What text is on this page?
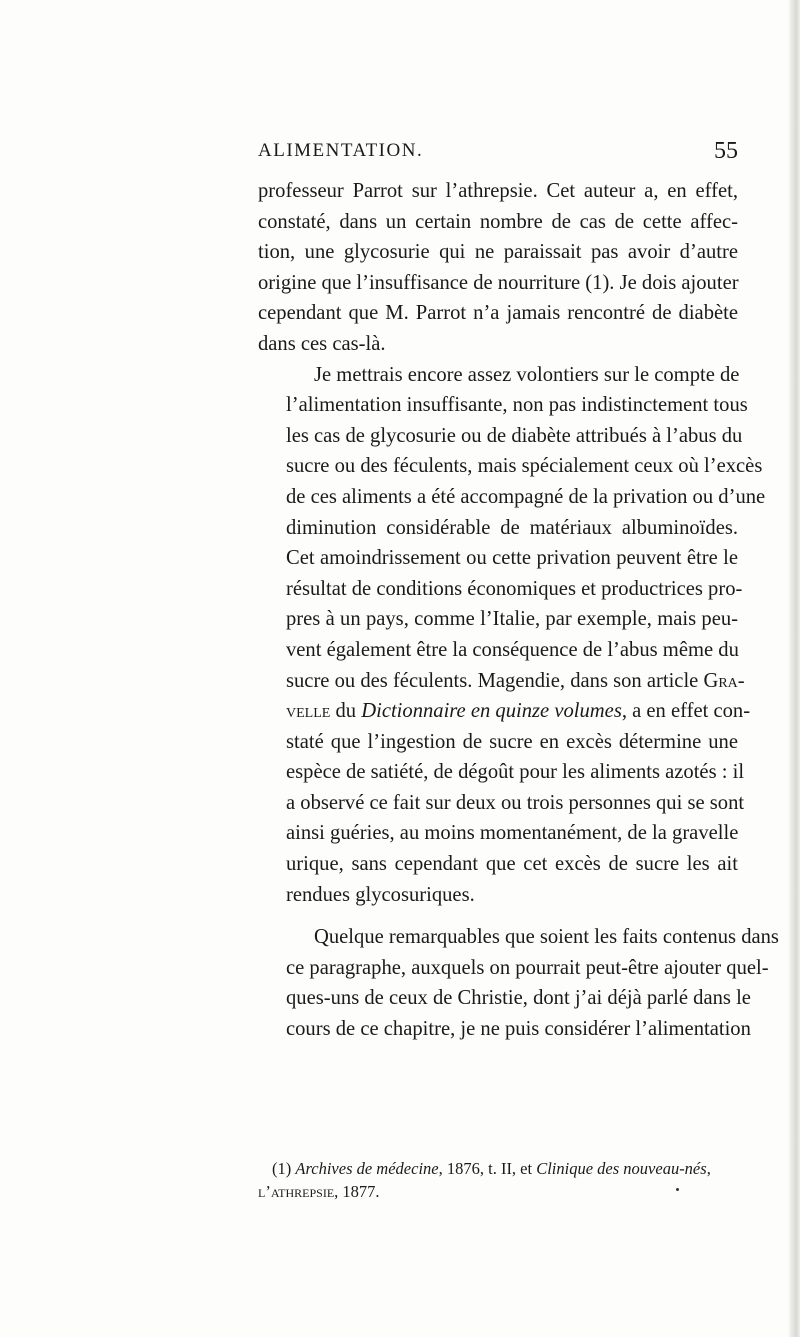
ALIMENTATION.	55

professeur Parrot sur l’athrepsie. Cet auteur a, en effet,
constaté, dans un certain nombre de cas de cette affec-
tion, une glycosurie qui ne paraissait pas avoir d’autre
origine que l’insuffisance de nourriture (1). Je dois ajouter
cependant que M. Parrot n’a jamais rencontré de diabète
dans ces cas-là.

Je mettrais encore assez volontiers sur le compte de
l’alimentation insuffisante, non pas indistinctement tous
les cas de glycosurie ou de diabète attribués à l’abus du
sucre ou des féculents, mais spécialement ceux où l’excès
de ces aliments a été accompagné de la privation ou d’une
diminution considérable de matériaux albuminoïdes.
Cet amoindrissement ou cette privation peuvent être le
résultat de conditions économiques et productrices pro-
pres à un pays, comme l’Italie, par exemple, mais peu-
vent également être la conséquence de l’abus même du
sucre ou des féculents. Magendie, dans son article Gra-
velle du Dictionnaire en quinze volumes, a en effet con-
staté que l’ingestion de sucre en excès détermine une
espèce de satiété, de dégoût pour les aliments azotés : il
a observé ce fait sur deux ou trois personnes qui se sont
ainsi guéries, au moins momentanément, de la gravelle
urique, sans cependant que cet excès de sucre les ait
rendues glycosuriques.

Quelque remarquables que soient les faits contenus dans
ce paragraphe, auxquels on pourrait peut-être ajouter quel-
ques-uns de ceux de Christie, dont j’ai déjà parlé dans le
cours de ce chapitre, je ne puis considérer l’alimentation

(1) Archives de médecine, 1876, t. II, et Clinique des nouveau-nés,
l’athrepsie, 1877.
